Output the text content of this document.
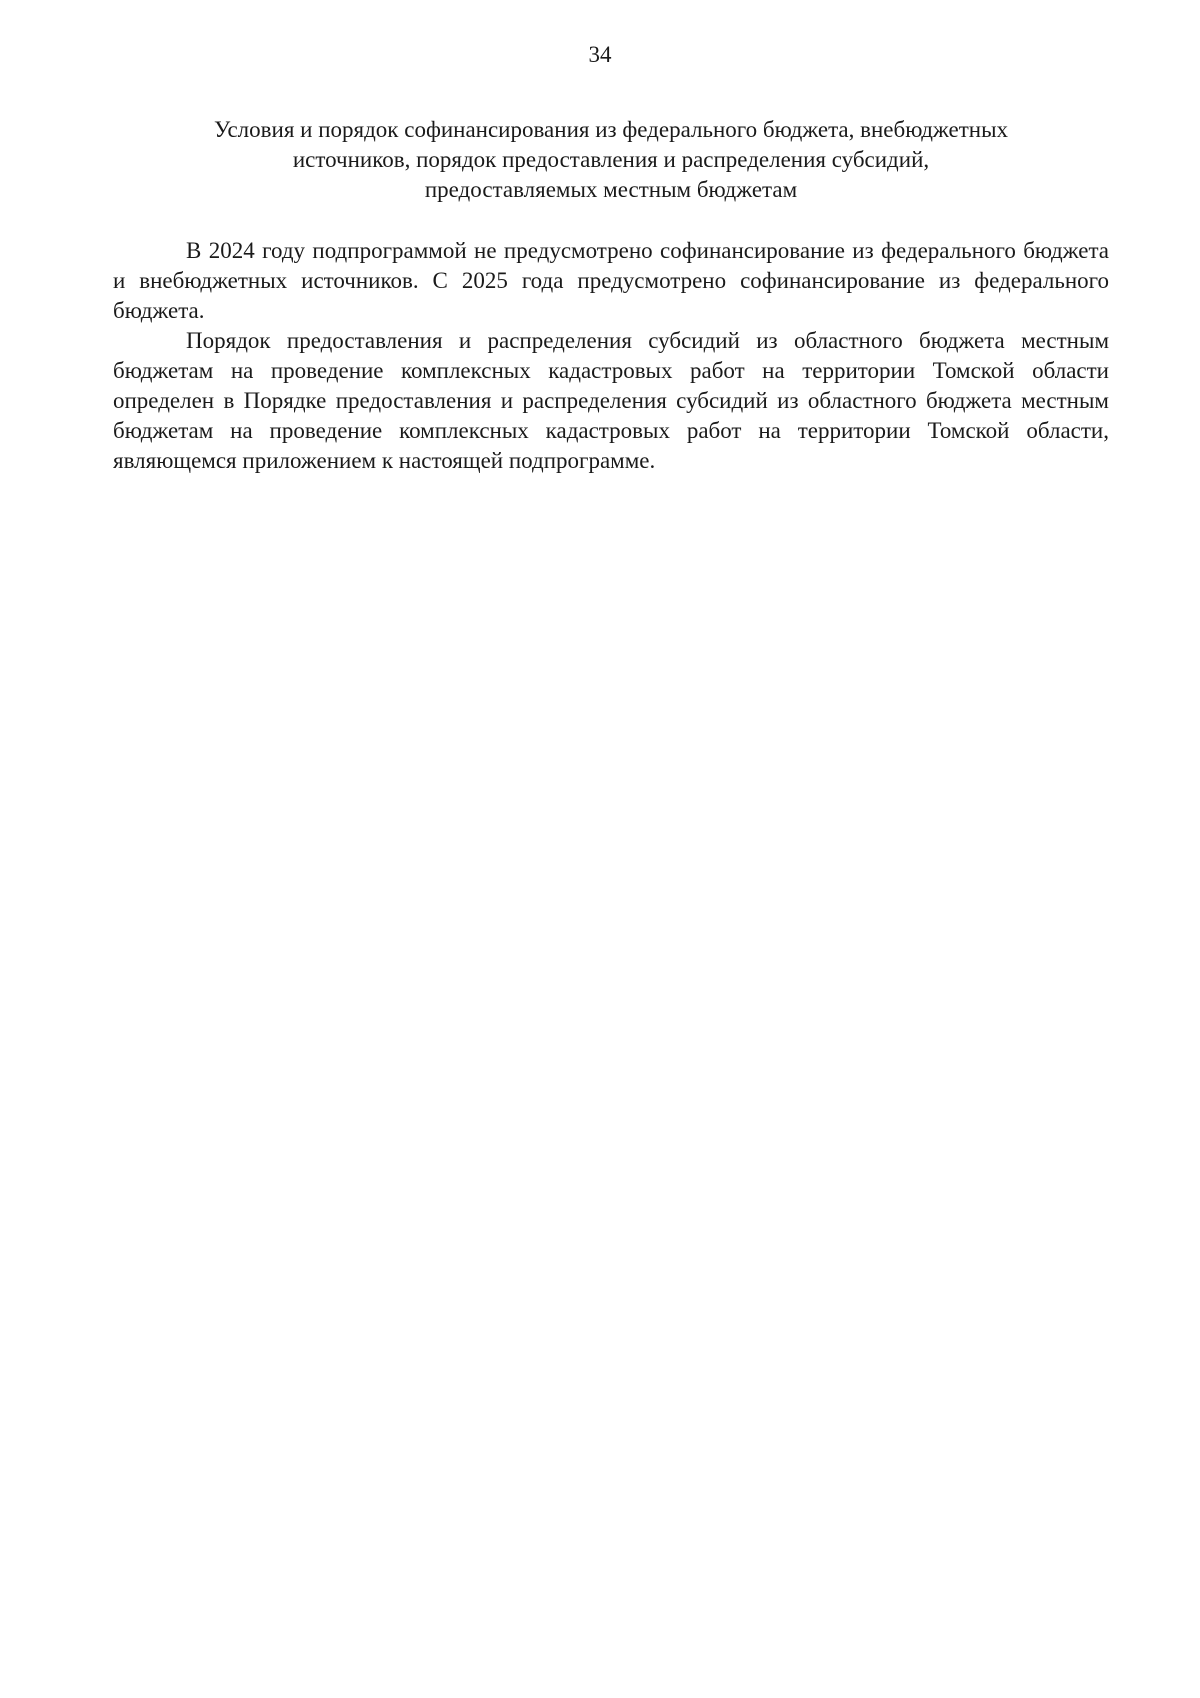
34

Условия и порядок софинансирования из федерального бюджета, внебюджетных
источников, порядок предоставления и распределения субсидий,
предоставляемых местным бюджетам

В 2024 году подпрограммой не предусмотрено софинансирование из федерального бюджета и внебюджетных источников. С 2025 года предусмотрено софинансирование из федерального бюджета.

Порядок предоставления и распределения субсидий из областного бюджета местным бюджетам на проведение комплексных кадастровых работ на территории Томской области определен в Порядке предоставления и распределения субсидий из областного бюджета местным бюджетам на проведение комплексных кадастровых работ на территории Томской области, являющемся приложением к настоящей подпрограмме.
